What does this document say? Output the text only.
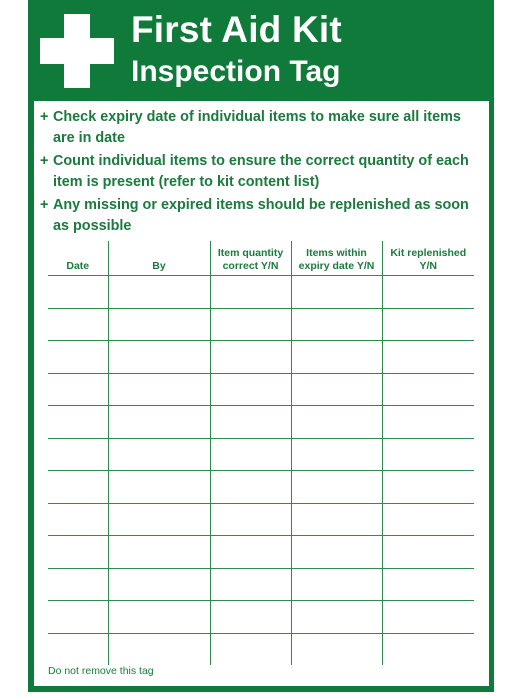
First Aid Kit
Inspection Tag
+ Check expiry date of individual items to make sure all items are in date
+ Count individual items to ensure the correct quantity of each item is present (refer to kit content list)
+ Any missing or expired items should be replenished as soon as possible
Date	By	Item quantity correct Y/N	Items within expiry date Y/N	Kit replenished Y/N

Do not remove this tag
